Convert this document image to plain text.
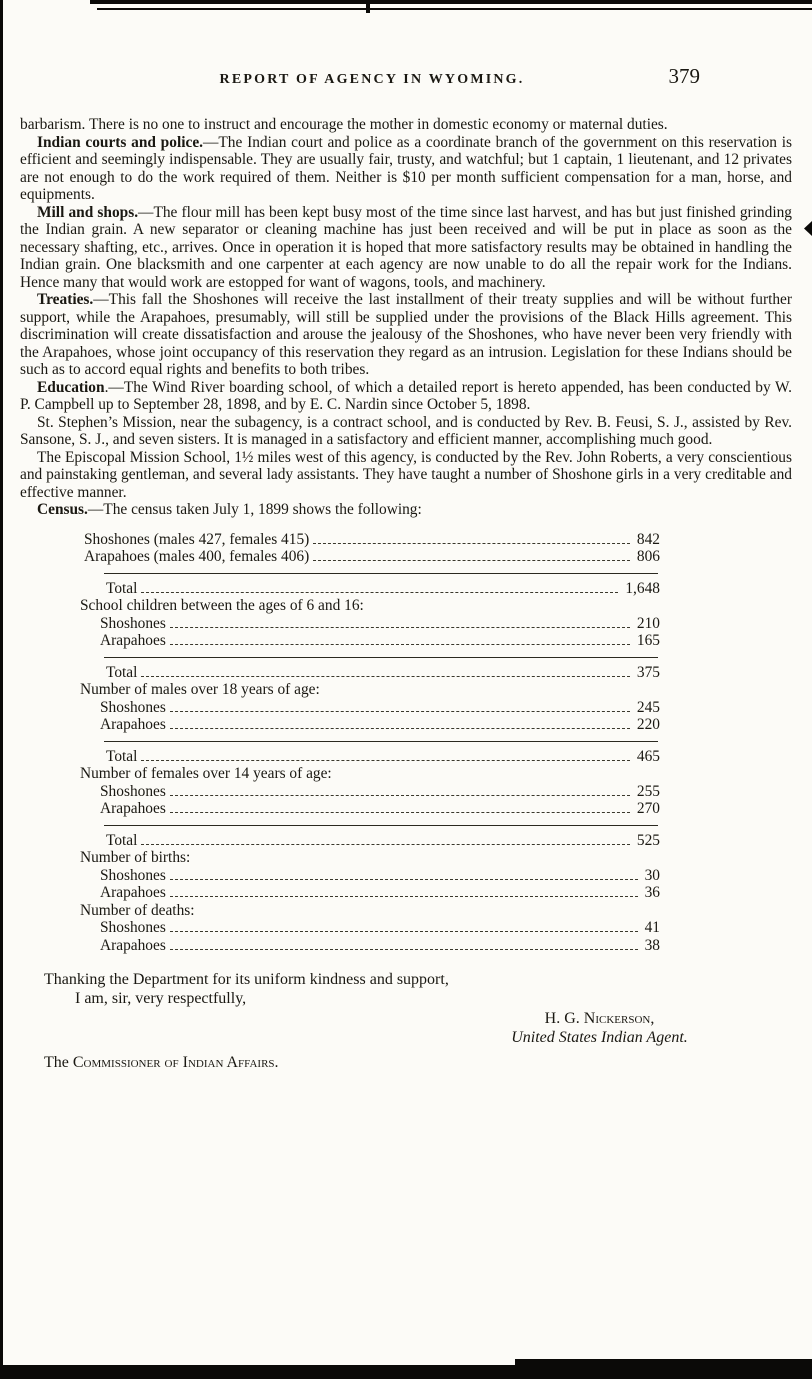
REPORT OF AGENCY IN WYOMING.	379

barbarism. There is no one to instruct and encourage the mother in domestic economy or maternal duties.

Indian courts and police.—The Indian court and police as a coordinate branch of the government on this reservation is efficient and seemingly indispensable. They are usually fair, trusty, and watchful; but 1 captain, 1 lieutenant, and 12 privates are not enough to do the work required of them. Neither is $10 per month sufficient compensation for a man, horse, and equipments.

Mill and shops.—The flour mill has been kept busy most of the time since last harvest, and has but just finished grinding the Indian grain. A new separator or cleaning machine has just been received and will be put in place as soon as the necessary shafting, etc., arrives. Once in operation it is hoped that more satisfactory results may be obtained in handling the Indian grain. One blacksmith and one carpenter at each agency are now unable to do all the repair work for the Indians. Hence many that would work are estopped for want of wagons, tools, and machinery.

Treaties.—This fall the Shoshones will receive the last installment of their treaty supplies and will be without further support, while the Arapahoes, presumably, will still be supplied under the provisions of the Black Hills agreement. This discrimination will create dissatisfaction and arouse the jealousy of the Shoshones, who have never been very friendly with the Arapahoes, whose joint occupancy of this reservation they regard as an intrusion. Legislation for these Indians should be such as to accord equal rights and benefits to both tribes.

Education.—The Wind River boarding school, of which a detailed report is hereto appended, has been conducted by W. P. Campbell up to September 28, 1898, and by E. C. Nardin since October 5, 1898.

St. Stephen’s Mission, near the subagency, is a contract school, and is conducted by Rev. B. Feusi, S. J., assisted by Rev. Sansone, S. J., and seven sisters. It is managed in a satisfactory and efficient manner, accomplishing much good.

The Episcopal Mission School, 1½ miles west of this agency, is conducted by the Rev. John Roberts, a very conscientious and painstaking gentleman, and several lady assistants. They have taught a number of Shoshone girls in a very creditable and effective manner.

Census.—The census taken July 1, 1899 shows the following:

Shoshones (males 427, females 415)	842
Arapahoes (males 400, females 406)	806
Total	1,648
School children between the ages of 6 and 16:
Shoshones	210
Arapahoes	165
Total	375
Number of males over 18 years of age:
Shoshones	245
Arapahoes	220
Total	465
Number of females over 14 years of age:
Shoshones	255
Arapahoes	270
Total	525
Number of births:
Shoshones	30
Arapahoes	36
Number of deaths:
Shoshones	41
Arapahoes	38

Thanking the Department for its uniform kindness and support,

I am, sir, very respectfully,

H. G. Nickerson,
United States Indian Agent.

The Commissioner of Indian Affairs.
